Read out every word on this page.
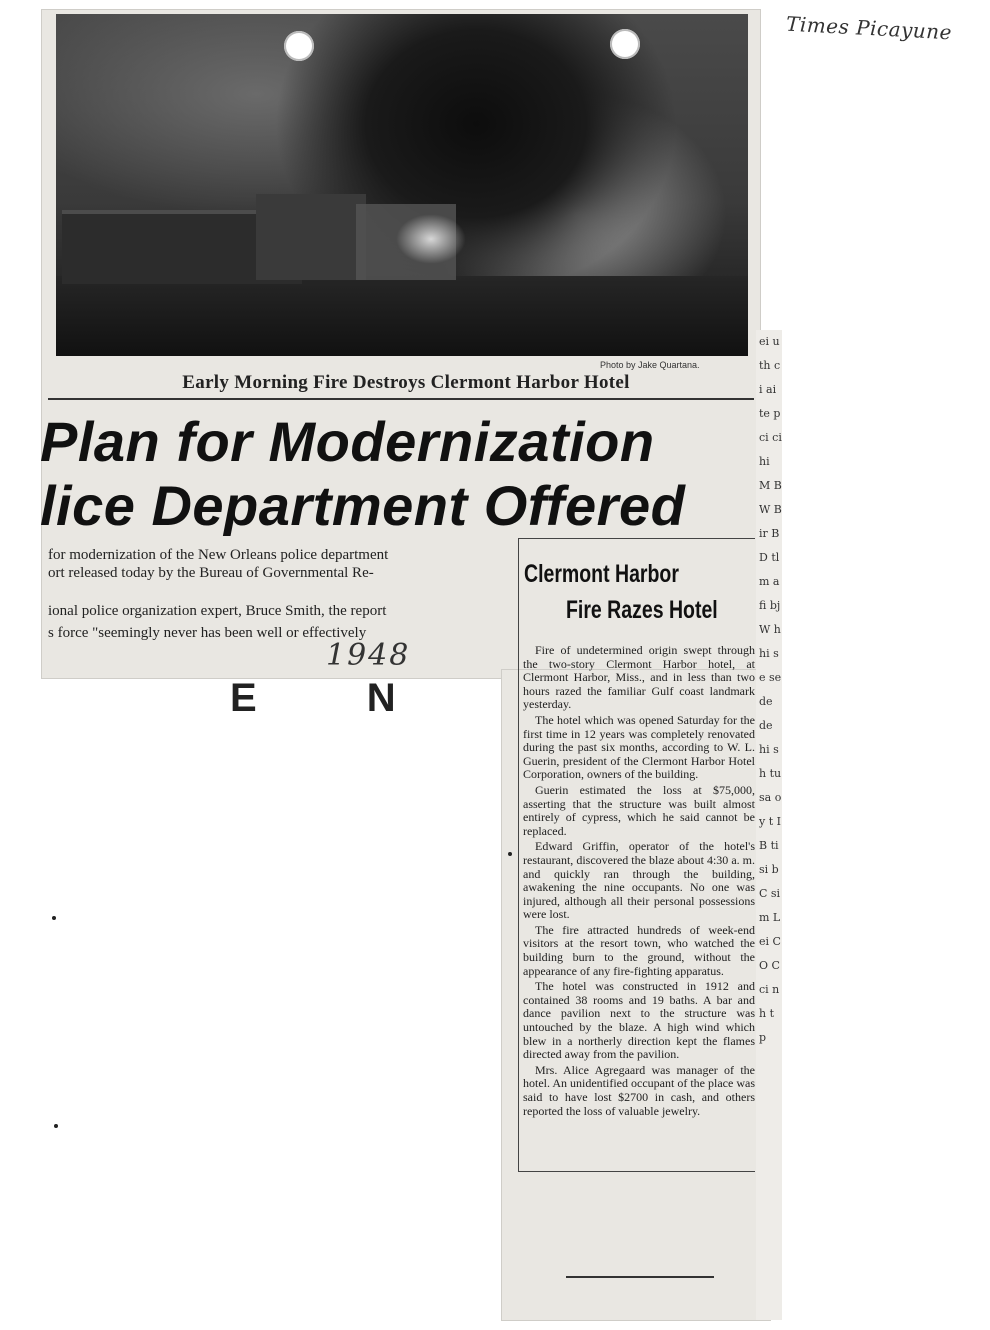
ei u th ci ai te p ci ci hi M B W B ir B D tl m a fi bj W h hi se se de de hi sh tu sa oy t I B ti si b C si m L ei C O C ci n h t p
Times Picayune
Photo by Jake Quartana.
Early Morning Fire Destroys Clermont Harbor Hotel
Plan for Modernization
lice Department Offered
for modernization of the New Orleans police department
ort released today by the Bureau of Governmental Re-
ional police organization expert, Bruce Smith, the report
s force "seemingly never has been well or effectively
1948
E	N
Clermont Harbor
Fire Razes Hotel

Fire of undetermined origin swept through the two-story Clermont Harbor hotel, at Clermont Harbor, Miss., and in less than two hours razed the familiar Gulf coast landmark yesterday.

The hotel which was opened Saturday for the first time in 12 years was completely renovated during the past six months, according to W. L. Guerin, president of the Clermont Harbor Hotel Corporation, owners of the building.

Guerin estimated the loss at $75,000, asserting that the structure was built almost entirely of cypress, which he said cannot be replaced.

Edward Griffin, operator of the hotel's restaurant, discovered the blaze about 4:30 a. m. and quickly ran through the building, awakening the nine occupants. No one was injured, although all their personal possessions were lost.

The fire attracted hundreds of week-end visitors at the resort town, who watched the building burn to the ground, without the appearance of any fire-fighting apparatus.

The hotel was constructed in 1912 and contained 38 rooms and 19 baths. A bar and dance pavilion next to the structure was untouched by the blaze. A high wind which blew in a northerly direction kept the flames directed away from the pavilion.

Mrs. Alice Agregaard was manager of the hotel. An unidentified occupant of the place was said to have lost $2700 in cash, and others reported the loss of valuable jewelry.
